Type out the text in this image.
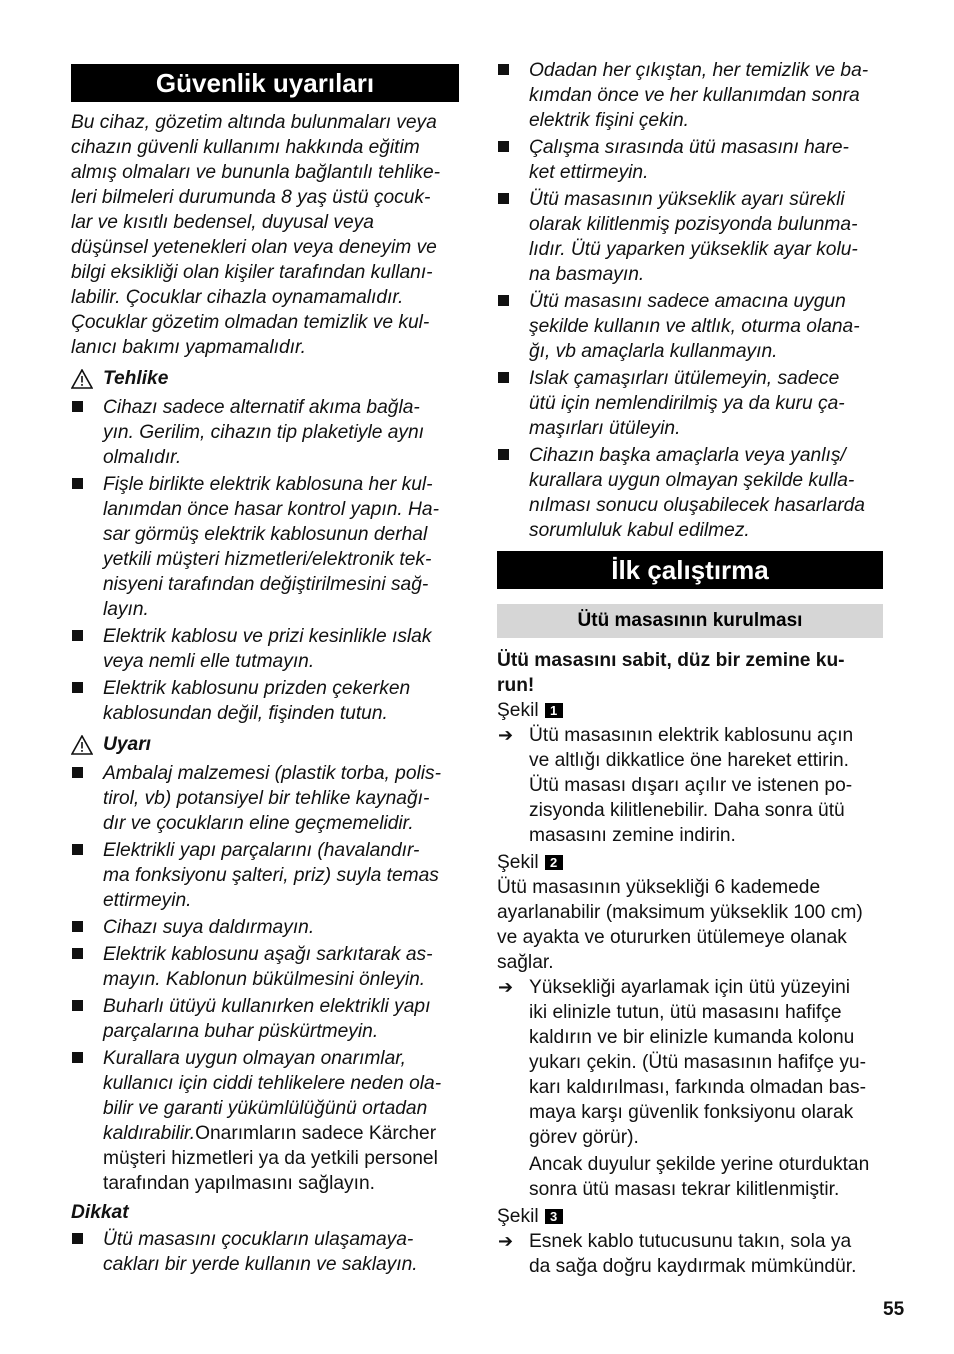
Güvenlik uyarıları

Bu cihaz, gözetim altında bulunmaları veya

cihazın güvenli kullanımı hakkında eğitim

almış olmaları ve bununla bağlantılı tehlike-

leri bilmeleri durumunda 8 yaş üstü çocuk-

lar ve kısıtlı bedensel, duyusal veya

düşünsel yetenekleri olan veya deneyim ve

bilgi eksikliği olan kişiler tarafından kullanı-

labilir. Çocuklar cihazla oynamamalıdır.

Çocuklar gözetim olmadan temizlik ve kul-

lanıcı bakımı yapmamalıdır.

Tehlike

Cihazı sadece alternatif akıma bağla-

yın. Gerilim, cihazın tip plaketiyle aynı

olmalıdır.

Fişle birlikte elektrik kablosuna her kul-

lanımdan önce hasar kontrol yapın. Ha-

sar görmüş elektrik kablosunun derhal

yetkili müşteri hizmetleri/elektronik tek-

nisyeni tarafından değiştirilmesini sağ-

layın.

Elektrik kablosu ve prizi kesinlikle ıslak

veya nemli elle tutmayın.

Elektrik kablosunu prizden çekerken

kablosundan değil, fişinden tutun.

Uyarı

Ambalaj malzemesi (plastik torba, polis-

tirol, vb) potansiyel bir tehlike kaynağı-

dır ve çocukların eline geçmemelidir.

Elektrikli yapı parçalarını (havalandır-

ma fonksiyonu şalteri, priz) suyla temas

ettirmeyin.

Cihazı suya daldırmayın.

Elektrik kablosunu aşağı sarkıtarak as-

mayın. Kablonun bükülmesini önleyin.

Buharlı ütüyü kullanırken elektrikli yapı

parçalarına buhar püskürtmeyin.

Kurallara uygun olmayan onarımlar,

kullanıcı için ciddi tehlikelere neden ola-

bilir ve garanti yükümlülüğünü ortadan

kaldırabilir.Onarımların sadece Kärcher

müşteri hizmetleri ya da yetkili personel

tarafından yapılmasını sağlayın.

Dikkat

Ütü masasını çocukların ulaşamaya-

cakları bir yerde kullanın ve saklayın.

Odadan her çıkıştan, her temizlik ve ba-

kımdan önce ve her kullanımdan sonra

elektrik fişini çekin.

Çalışma sırasında ütü masasını hare-

ket ettirmeyin.

Ütü masasının yükseklik ayarı sürekli

olarak kilitlenmiş pozisyonda bulunma-

lıdır. Ütü yaparken yükseklik ayar kolu-

na basmayın.

Ütü masasını sadece amacına uygun

şekilde kullanın ve altlık, oturma olana-

ğı, vb amaçlarla kullanmayın.

Islak çamaşırları ütülemeyin, sadece

ütü için nemlendirilmiş ya da kuru ça-

maşırları ütüleyin.

Cihazın başka amaçlarla veya yanlış/

kurallara uygun olmayan şekilde kulla-

nılması sonucu oluşabilecek hasarlarda

sorumluluk kabul edilmez.

İlk çalıştırma
Ütü masasının kurulması

Ütü masasını sabit, düz bir zemine ku-

run!

Şekil 1

➔ Ütü masasının elektrik kablosunu açın

ve altlığı dikkatlice öne hareket ettirin.

Ütü masası dışarı açılır ve istenen po-

zisyonda kilitlenebilir. Daha sonra ütü

masasını zemine indirin.

Şekil 2

Ütü masasının yüksekliği 6 kademede

ayarlanabilir (maksimum yükseklik 100 cm)

ve ayakta ve otururken ütülemeye olanak

sağlar.

➔ Yüksekliği ayarlamak için ütü yüzeyini

iki elinizle tutun, ütü masasını hafifçe

kaldırın ve bir elinizle kumanda kolonu

yukarı çekin. (Ütü masasının hafifçe yu-

karı kaldırılması, farkında olmadan bas-

maya karşı güvenlik fonksiyonu olarak

görev görür).

Ancak duyulur şekilde yerine oturduktan

sonra ütü masası tekrar kilitlenmiştir.

Şekil 3

➔ Esnek kablo tutucusunu takın, sola ya

da sağa doğru kaydırmak mümkündür.

55
